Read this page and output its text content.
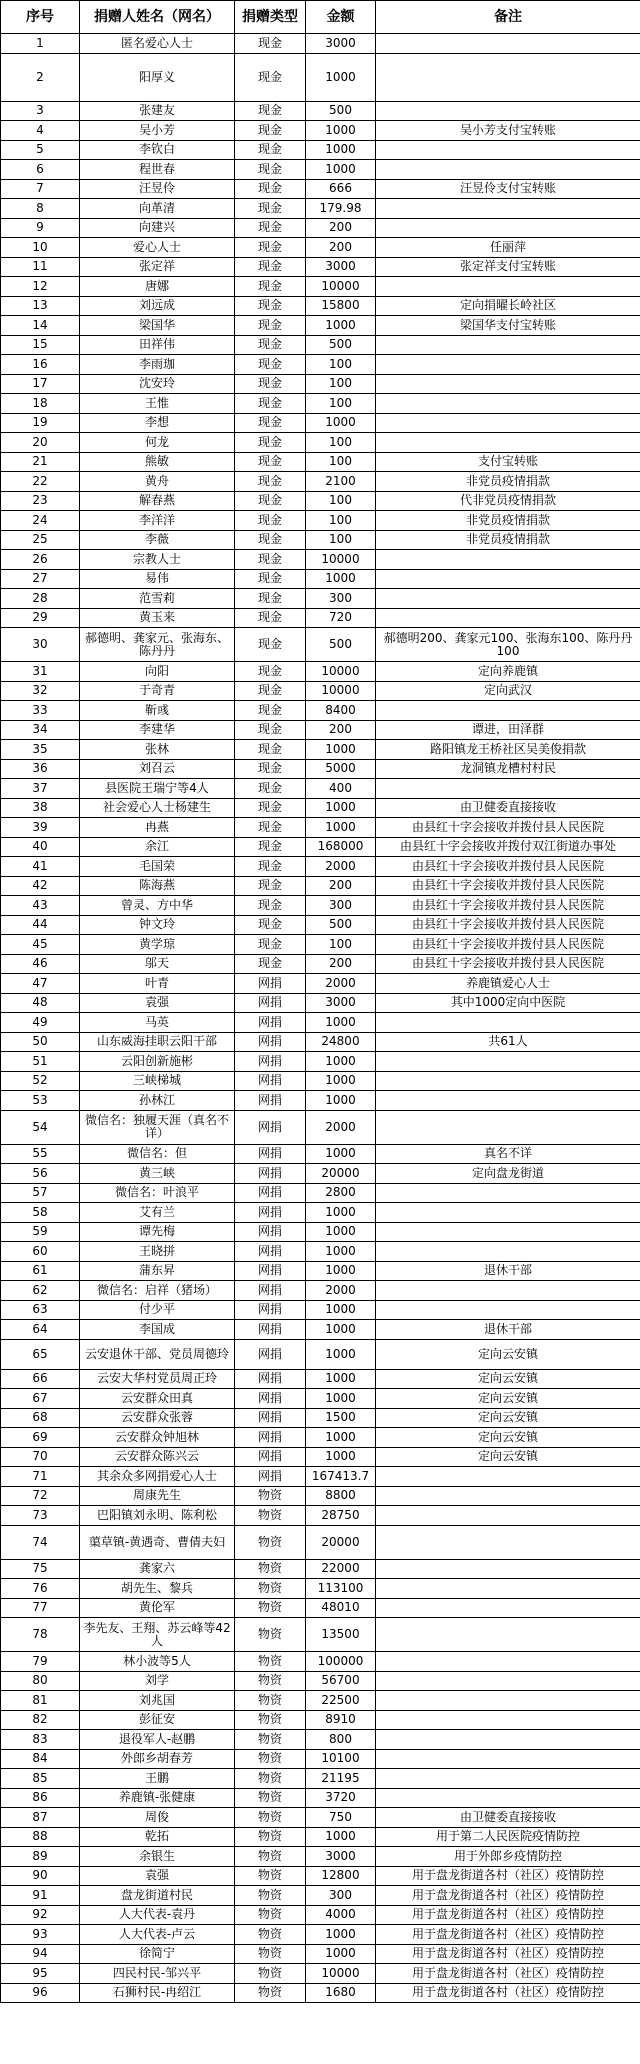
序号	捐赠人姓名（网名）	捐赠类型	金额	备注
1	匿名爱心人士	现金	3000	
2	阳厚义	现金	1000	
3	张建友	现金	500	
4	吴小芳	现金	1000	吴小芳支付宝转账
5	李钦白	现金	1000	
6	程世春	现金	1000	
7	汪昱伶	现金	666	汪昱伶支付宝转账
8	向革清	现金	179.98	
9	向建兴	现金	200	
10	爱心人士	现金	200	任丽萍
11	张定祥	现金	3000	张定祥支付宝转账
12	唐娜	现金	10000	
13	刘远成	现金	15800	定向捐曜长岭社区
14	梁国华	现金	1000	梁国华支付宝转账
15	田祥伟	现金	500	
16	李雨珈	现金	100	
17	沈安玲	现金	100	
18	王惟	现金	100	
19	李想	现金	1000	
20	何龙	现金	100	
21	熊敏	现金	100	支付宝转账
22	黄舟	现金	2100	非党员疫情捐款
23	解春燕	现金	100	代非党员疫情捐款
24	李洋洋	现金	100	非党员疫情捐款
25	李薇	现金	100	非党员疫情捐款
26	宗教人士	现金	10000	
27	易伟	现金	1000	
28	范雪莉	现金	300	
29	黄玉来	现金	720	
30	郝德明、龚家元、张海东、陈丹丹	现金	500	郝德明200、龚家元100、张海东100、陈丹丹100
31	向阳	现金	10000	定向养鹿镇
32	于奇青	现金	10000	定向武汉
33	靳彧	现金	8400	
34	李建华	现金	200	谭进，田泽群
35	张林	现金	1000	路阳镇龙王桥社区吴美俊捐款
36	刘召云	现金	5000	龙洞镇龙槽村村民
37	县医院王瑞宁等4人	现金	400	
38	社会爱心人士杨建生	现金	1000	由卫健委直接接收
39	冉燕	现金	1000	由县红十字会接收并拨付县人民医院
40	余江	现金	168000	由县红十字会接收并拨付双江街道办事处
41	毛国荣	现金	2000	由县红十字会接收并拨付县人民医院
42	陈海燕	现金	200	由县红十字会接收并拨付县人民医院
43	曾灵、方中华	现金	300	由县红十字会接收并拨付县人民医院
44	钟文玲	现金	500	由县红十字会接收并拨付县人民医院
45	黄学琼	现金	100	由县红十字会接收并拨付县人民医院
46	邬天	现金	200	由县红十字会接收并拨付县人民医院
47	叶青	网捐	2000	养鹿镇爱心人士
48	袁强	网捐	3000	其中1000定向中医院
49	马英	网捐	1000	
50	山东威海挂职云阳干部	网捐	24800	共61人
51	云阳创新施彬	网捐	1000	
52	三峡梯城	网捐	1000	
53	孙林江	网捐	1000	
54	微信名：独履天涯（真名不详）	网捐	2000	
55	微信名：但	网捐	1000	真名不详
56	黄三峡	网捐	20000	定向盘龙街道
57	微信名：叶浪平	网捐	2800	
58	艾有兰	网捐	1000	
59	谭先梅	网捐	1000	
60	王晓拼	网捐	1000	
61	蒲东昇	网捐	1000	退休干部
62	微信名：启祥（猪场）	网捐	2000	
63	付少平	网捐	1000	
64	李国成	网捐	1000	退休干部
65	云安退休干部、党员周德玲	网捐	1000	定向云安镇
66	云安大华村党员周正玲	网捐	1000	定向云安镇
67	云安群众田真	网捐	1000	定向云安镇
68	云安群众张蓉	网捐	1500	定向云安镇
69	云安群众钟旭林	网捐	1000	定向云安镇
70	云安群众陈兴云	网捐	1000	定向云安镇
71	其余众多网捐爱心人士	网捐	167413.7	
72	周康先生	物资	8800	
73	巴阳镇刘永明、陈利松	物资	28750	
74	蕖草镇-黄遇奇、曹倩夫妇	物资	20000	
75	龚家六	物资	22000	
76	胡先生、黎兵	物资	113100	
77	黄伦军	物资	48010	
78	李先友、王翔、苏云峰等42人	物资	13500	
79	林小波等5人	物资	100000	
80	刘学	物资	56700	
81	刘兆国	物资	22500	
82	彭征安	物资	8910	
83	退役军人-赵鹏	物资	800	
84	外郎乡胡春芳	物资	10100	
85	王鹏	物资	21195	
86	养鹿镇-张健康	物资	3720	
87	周俊	物资	750	由卫健委直接接收
88	乾拓	物资	1000	用于第二人民医院疫情防控
89	余银生	物资	3000	用于外郎乡疫情防控
90	袁强	物资	12800	用于盘龙街道各村（社区）疫情防控
91	盘龙街道村民	物资	300	用于盘龙街道各村（社区）疫情防控
92	人大代表-袁丹	物资	4000	用于盘龙街道各村（社区）疫情防控
93	人大代表-卢云	物资	1000	用于盘龙街道各村（社区）疫情防控
94	徐简宁	物资	1000	用于盘龙街道各村（社区）疫情防控
95	四民村民-邹兴平	物资	10000	用于盘龙街道各村（社区）疫情防控
96	石狮村民-冉绍江	物资	1680	用于盘龙街道各村（社区）疫情防控
